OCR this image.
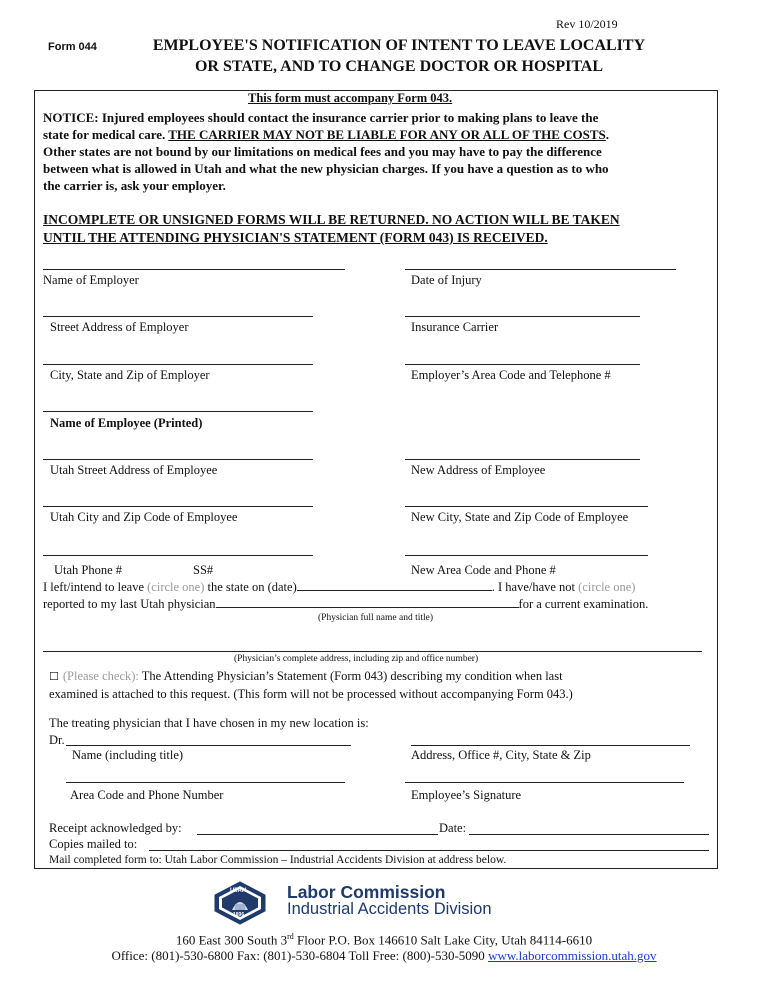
Rev 10/2019
Form 044	EMPLOYEE'S NOTIFICATION OF INTENT TO LEAVE LOCALITY
OR STATE, AND TO CHANGE DOCTOR OR HOSPITAL
This form must accompany Form 043.
NOTICE: Injured employees should contact the insurance carrier prior to making plans to leave the
state for medical care. THE CARRIER MAY NOT BE LIABLE FOR ANY OR ALL OF THE COSTS.
Other states are not bound by our limitations on medical fees and you may have to pay the difference
between what is allowed in Utah and what the new physician charges. If you have a question as to who
the carrier is, ask your employer.
INCOMPLETE OR UNSIGNED FORMS WILL BE RETURNED. NO ACTION WILL BE TAKEN
UNTIL THE ATTENDING PHYSICIAN'S STATEMENT (FORM 043) IS RECEIVED.
Name of Employer	Date of Injury
Street Address of Employer	Insurance Carrier
City, State and Zip of Employer	Employer’s Area Code and Telephone #
Name of Employee (Printed)
Utah Street Address of Employee	New Address of Employee
Utah City and Zip Code of Employee	New City, State and Zip Code of Employee
Utah Phone #	SS#	New Area Code and Phone #
I left/intend to leave (circle one) the state on (date)	. I have/have not (circle one)
reported to my last Utah physician	for a current examination.
(Physician full name and title)
(Physician’s complete address, including zip and office number)
☐ (Please check): The Attending Physician’s Statement (Form 043) describing my condition when last
examined is attached to this request. (This form will not be processed without accompanying Form 043.)
The treating physician that I have chosen in my new location is:
Dr.
Name (including title)	Address, Office #, City, State & Zip
Area Code and Phone Number	Employee’s Signature
Receipt acknowledged by:	Date:
Copies mailed to:
Mail completed form to: Utah Labor Commission – Industrial Accidents Division at address below.
UTAH
1896
Labor Commission
Industrial Accidents Division
160 East 300 South 3rd Floor P.O. Box 146610 Salt Lake City, Utah 84114-6610
Office: (801)-530-6800 Fax: (801)-530-6804 Toll Free: (800)-530-5090 www.laborcommission.utah.gov
